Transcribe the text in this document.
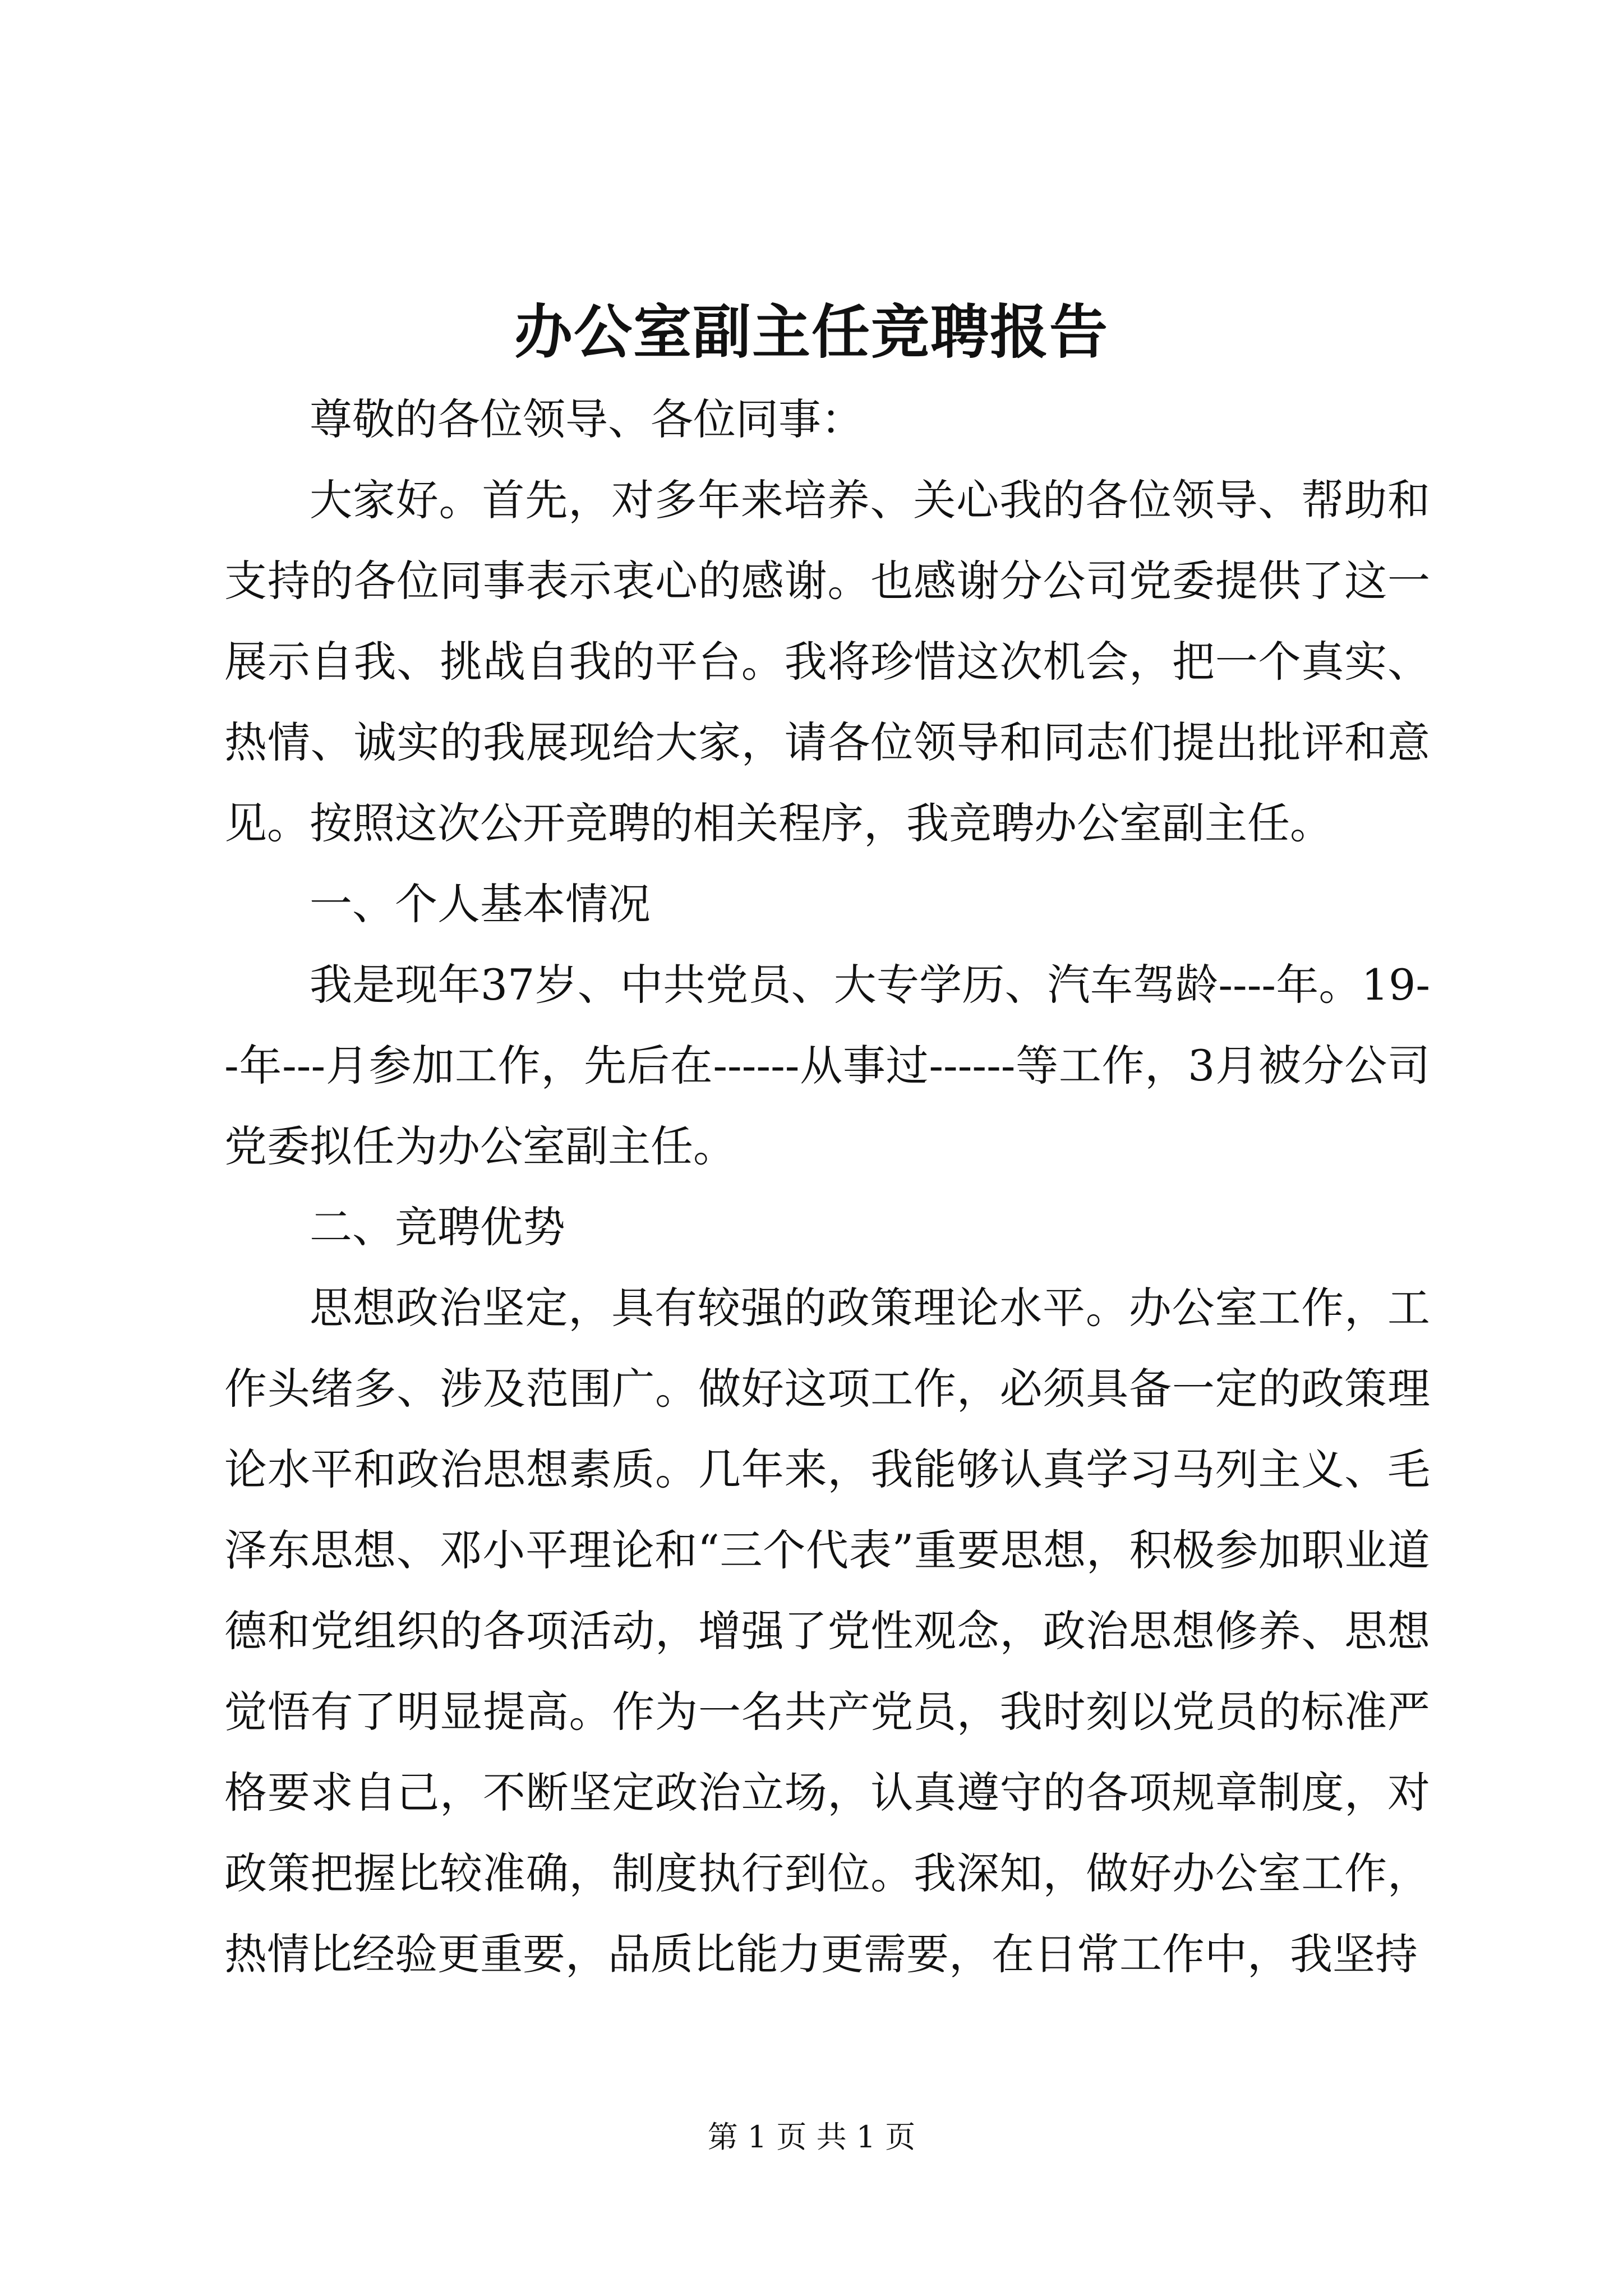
办公室副主任竞聘报告

尊敬的各位领导、各位同事：

大家好。首先，对多年来培养、关心我的各位领导、帮助和支持的各位同事表示衷心的感谢。也感谢分公司党委提供了这一展示自我、挑战自我的平台。我将珍惜这次机会，把一个真实、热情、诚实的我展现给大家，请各位领导和同志们提出批评和意见。按照这次公开竞聘的相关程序，我竞聘办公室副主任。

一、个人基本情况

我是现年37岁、中共党员、大专学历、汽车驾龄----年。19--年---月参加工作，先后在------从事过------等工作，3月被分公司党委拟任为办公室副主任。

二、竞聘优势

思想政治坚定，具有较强的政策理论水平。办公室工作，工作头绪多、涉及范围广。做好这项工作，必须具备一定的政策理论水平和政治思想素质。几年来，我能够认真学习马列主义、毛泽东思想、邓小平理论和“三个代表”重要思想，积极参加职业道德和党组织的各项活动，增强了党性观念，政治思想修养、思想觉悟有了明显提高。作为一名共产党员，我时刻以党员的标准严格要求自己，不断坚定政治立场，认真遵守的各项规章制度，对政策把握比较准确，制度执行到位。我深知，做好办公室工作，热情比经验更重要，品质比能力更需要，在日常工作中，我坚持

第 1 页 共 1 页
